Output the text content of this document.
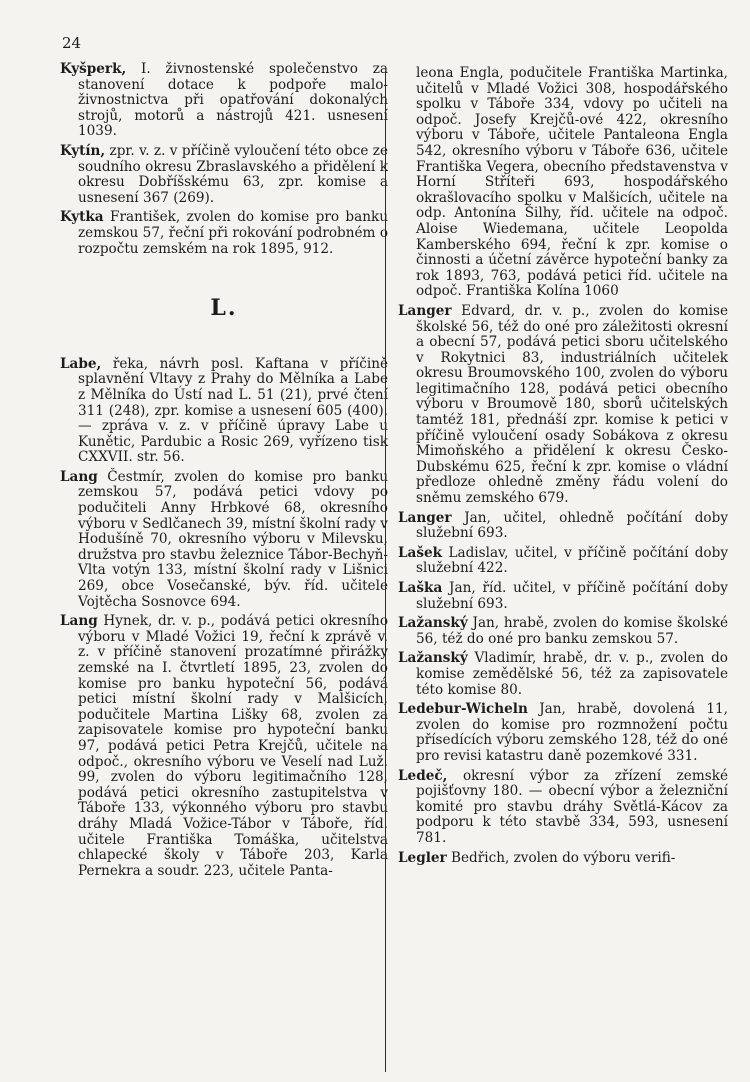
24

Kyšperk, I. živnostenské společenstvo za stanovení dotace k podpoře malo-živnostnictva při opatřování dokonalých strojů, motorů a nástrojů 421. usnesení 1039.

Kytín, zpr. v. z. v příčině vyloučení této obce ze soudního okresu Zbraslavského a přidělení k okresu Dobříšskému 63, zpr. komise a usnesení 367 (269).

Kytka František, zvolen do komise pro banku zemskou 57, řeční při rokování podrobném o rozpočtu zemském na rok 1895, 912.

L.

Labe, řeka, návrh posl. Kaftana v příčině splavnění Vltavy z Prahy do Mělníka a Labe z Mělníka do Ústí nad L. 51 (21), prvé čtení 311 (248), zpr. komise a usnesení 605 (400). — zpráva v. z. v příčině úpravy Labe u Kunětic, Pardubic a Rosic 269, vyřízeno tisk CXXVII. str. 56.

Lang Čestmír, zvolen do komise pro banku zemskou 57, podává petici vdovy po podučiteli Anny Hrbkové 68, okresního výboru v Sedlčanech 39, místní školní rady v Hodušíně 70, okresního výboru v Milevsku, družstva pro stavbu železnice Tábor-Bechyň-Vlta votýn 133, místní školní rady v Lišnici 269, obce Vosečanské, býv. říd. učitele Vojtěcha Sosnovce 694.

Lang Hynek, dr. v. p., podává petici okresního výboru v Mladé Vožici 19, řeční k zprávě v. z. v příčině stanovení prozatímné přirážky zemské na I. čtvrtletí 1895, 23, zvolen do komise pro banku hypoteční 56, podává petici místní školní rady v Malšicích, podučitele Martina Lišky 68, zvolen za zapisovatele komise pro hypoteční banku 97, podává petici Petra Krejčů, učitele na odpoč., okresního výboru ve Veselí nad Luž. 99, zvolen do výboru legitimačního 128, podává petici okresního zastupitelstva v Táboře 133, výkonného výboru pro stavbu dráhy Mladá Vožice-Tábor v Táboře, říd. učitele Františka Tomáška, učitelstva chlapecké školy v Táboře 203, Karla Pernekra a soudr. 223, učitele Panta-

leona Engla, podučitele Františka Martinka, učitelů v Mladé Vožici 308, hospodářského spolku v Táboře 334, vdovy po učiteli na odpoč. Josefy Krejčů-ové 422, okresního výboru v Táboře, učitele Pantaleona Engla 542, okresního výboru v Táboře 636, učitele Františka Vegera, obecního představenstva v Horní Stříteři 693, hospodářského okrašlovacího spolku v Malšicích, učitele na odp. Antonína Šilhy, říd. učitele na odpoč. Aloise Wiedemana, učitele Leopolda Kamberského 694, řeční k zpr. komise o činnosti a účetní závěrce hypoteční banky za rok 1893, 763, podává petici říd. učitele na odpoč. Františka Kolína 1060

Langer Edvard, dr. v. p., zvolen do komise školské 56, též do oné pro záležitosti okresní a obecní 57, podává petici sboru učitelského v Rokytnici 83, industriálních učitelek okresu Broumovského 100, zvolen do výboru legitimačního 128, podává petici obecního výboru v Broumově 180, sborů učitelských tamtéž 181, přednáší zpr. komise k petici v příčině vyloučení osady Sobákova z okresu Mimoňského a přidělení k okresu Česko-Dubskému 625, řeční k zpr. komise o vládní předloze ohledně změny řádu volení do sněmu zemského 679.

Langer Jan, učitel, ohledně počítání doby služební 693.

Lašek Ladislav, učitel, v příčině počítání doby služební 422.

Laška Jan, říd. učitel, v příčině počítání doby služební 693.

Lažanský Jan, hrabě, zvolen do komise školské 56, též do oné pro banku zemskou 57.

Lažanský Vladimír, hrabě, dr. v. p., zvolen do komise zemědělské 56, též za zapisovatele této komise 80.

Ledebur-Wicheln Jan, hrabě, dovolená 11, zvolen do komise pro rozmnožení počtu přísedících výboru zemského 128, též do oné pro revisi katastru daně pozemkové 331.

Ledeč, okresní výbor za zřízení zemské pojišťovny 180. — obecní výbor a železniční komité pro stavbu dráhy Světlá-Kácov za podporu k této stavbě 334, 593, usnesení 781.

Legler Bedřich, zvolen do výboru verifi-
